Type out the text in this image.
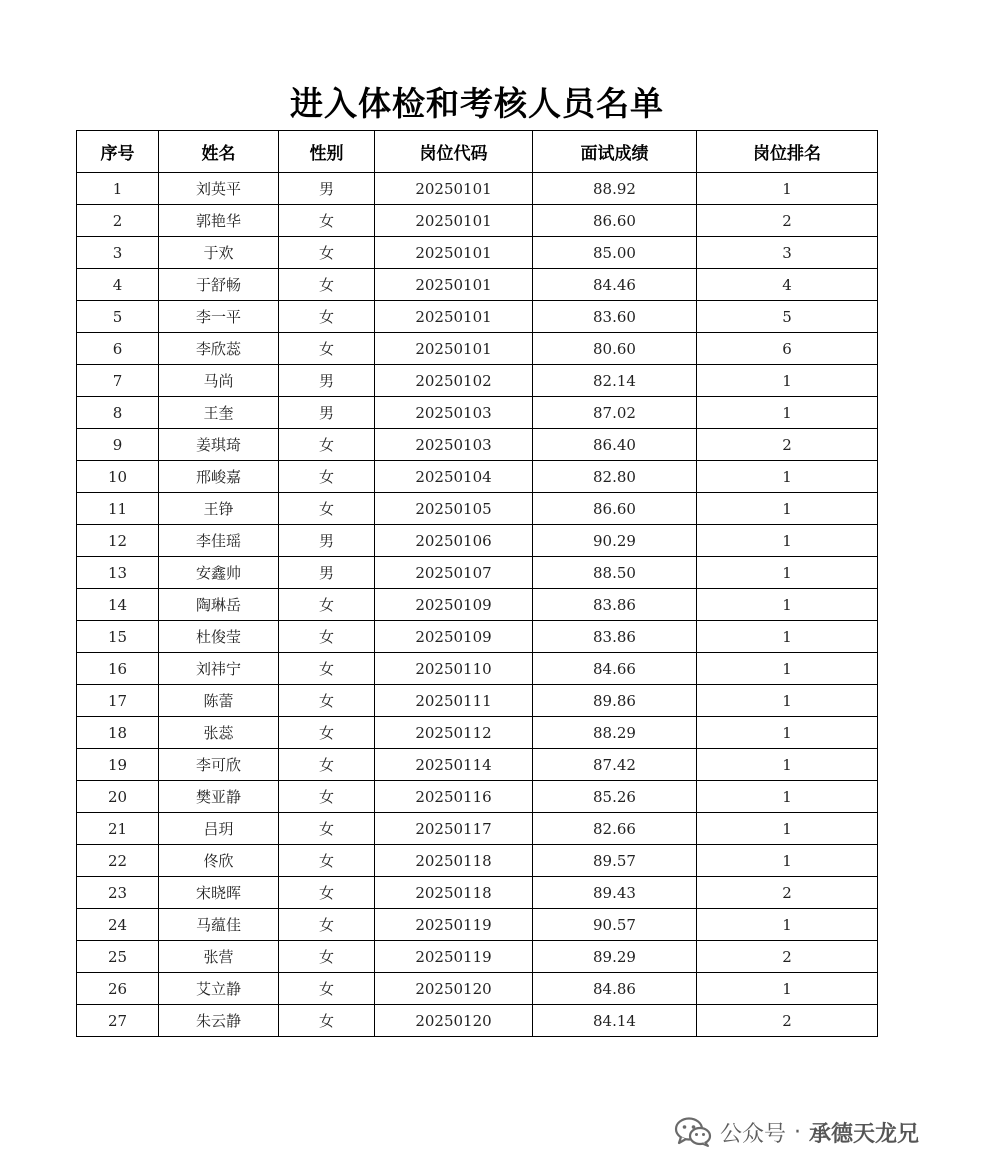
进入体检和考核人员名单
序号	姓名	性别	岗位代码	面试成绩	岗位排名
1	刘英平	男	20250101	88.92	1
2	郭艳华	女	20250101	86.60	2
3	于欢	女	20250101	85.00	3
4	于舒畅	女	20250101	84.46	4
5	李一平	女	20250101	83.60	5
6	李欣蕊	女	20250101	80.60	6
7	马尚	男	20250102	82.14	1
8	王奎	男	20250103	87.02	1
9	姜琪琦	女	20250103	86.40	2
10	邢峻嘉	女	20250104	82.80	1
11	王铮	女	20250105	86.60	1
12	李佳瑶	男	20250106	90.29	1
13	安鑫帅	男	20250107	88.50	1
14	陶琳岳	女	20250109	83.86	1
15	杜俊莹	女	20250109	83.86	1
16	刘祎宁	女	20250110	84.66	1
17	陈蕾	女	20250111	89.86	1
18	张蕊	女	20250112	88.29	1
19	李可欣	女	20250114	87.42	1
20	樊亚静	女	20250116	85.26	1
21	吕玥	女	20250117	82.66	1
22	佟欣	女	20250118	89.57	1
23	宋晓晖	女	20250118	89.43	2
24	马蕴佳	女	20250119	90.57	1
25	张营	女	20250119	89.29	2
26	艾立静	女	20250120	84.86	1
27	朱云静	女	20250120	84.14	2
公众号 · 承德天龙兄
